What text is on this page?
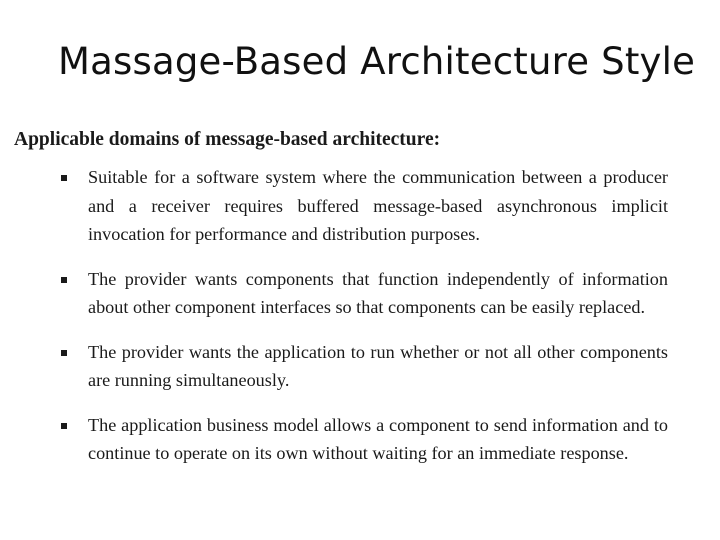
Massage-Based Architecture Style
Applicable domains of message-based architecture:
Suitable for a software system where the communication between a producer and a receiver requires buffered message-based asynchronous implicit invocation for performance and distribution purposes.
The provider wants components that function independently of information about other component interfaces so that components can be easily replaced.
The provider wants the application to run whether or not all other components are running simultaneously.
The application business model allows a component to send information and to continue to operate on its own without waiting for an immediate response.
